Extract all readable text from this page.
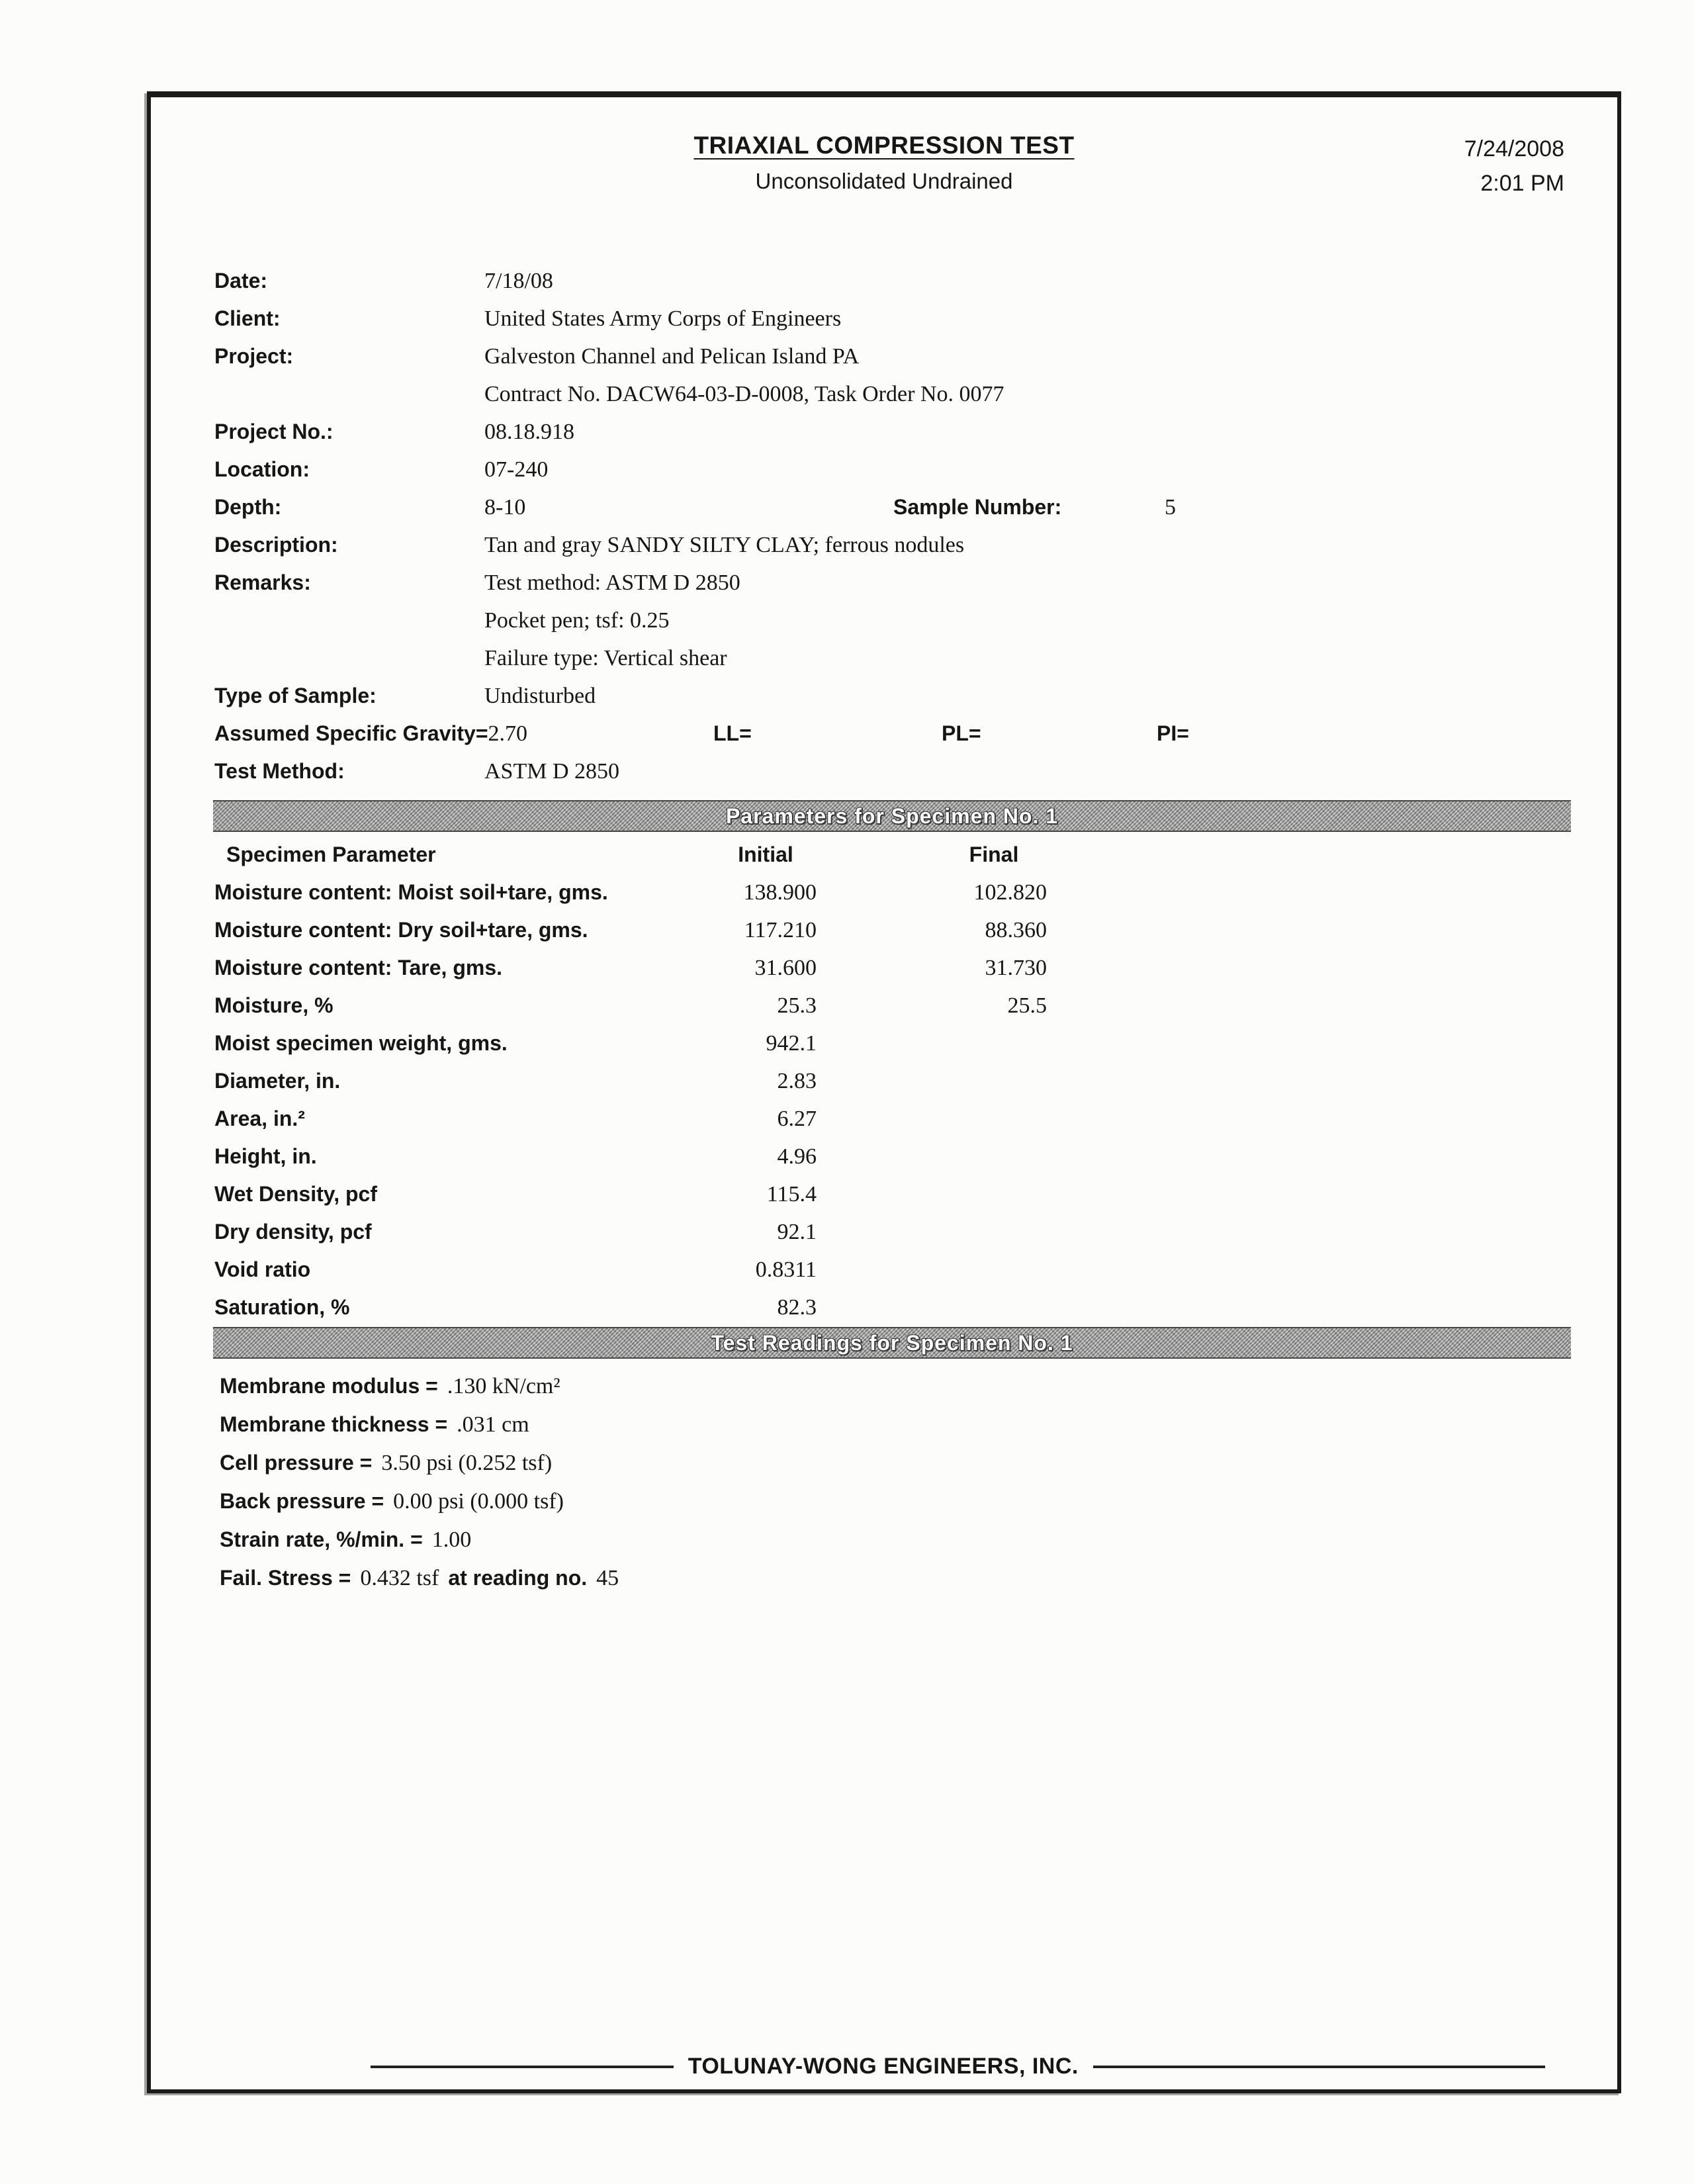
TRIAXIAL COMPRESSION TEST
Unconsolidated Undrained
7/24/2008
2:01 PM
Date:	7/18/08
Client:	United States Army Corps of Engineers
Project:	Galveston Channel and Pelican Island PA
Contract No. DACW64-03-D-0008, Task Order No. 0077
Project No.:	08.18.918
Location:	07-240
Depth:	8-10	Sample Number:	5
Description:	Tan and gray SANDY SILTY CLAY; ferrous nodules
Remarks:	Test method: ASTM D 2850
Pocket pen; tsf: 0.25
Failure type: Vertical shear
Type of Sample:	Undisturbed
Assumed Specific Gravity=2.70	LL=	PL=	PI=
Test Method:	ASTM D 2850
Parameters for Specimen No. 1
Specimen Parameter	Initial	Final
Moisture content: Moist soil+tare, gms.	138.900	102.820
Moisture content: Dry soil+tare, gms.	117.210	88.360
Moisture content: Tare, gms.	31.600	31.730
Moisture, %	25.3	25.5
Moist specimen weight, gms.	942.1
Diameter, in.	2.83
Area, in.²	6.27
Height, in.	4.96
Wet Density, pcf	115.4
Dry density, pcf	92.1
Void ratio	0.8311
Saturation, %	82.3
Test Readings for Specimen No. 1
Membrane modulus = .130 kN/cm²
Membrane thickness = .031 cm
Cell pressure = 3.50 psi (0.252 tsf)
Back pressure = 0.00 psi (0.000 tsf)
Strain rate, %/min. = 1.00
Fail. Stress = 0.432 tsf at reading no. 45
TOLUNAY-WONG ENGINEERS, INC.
